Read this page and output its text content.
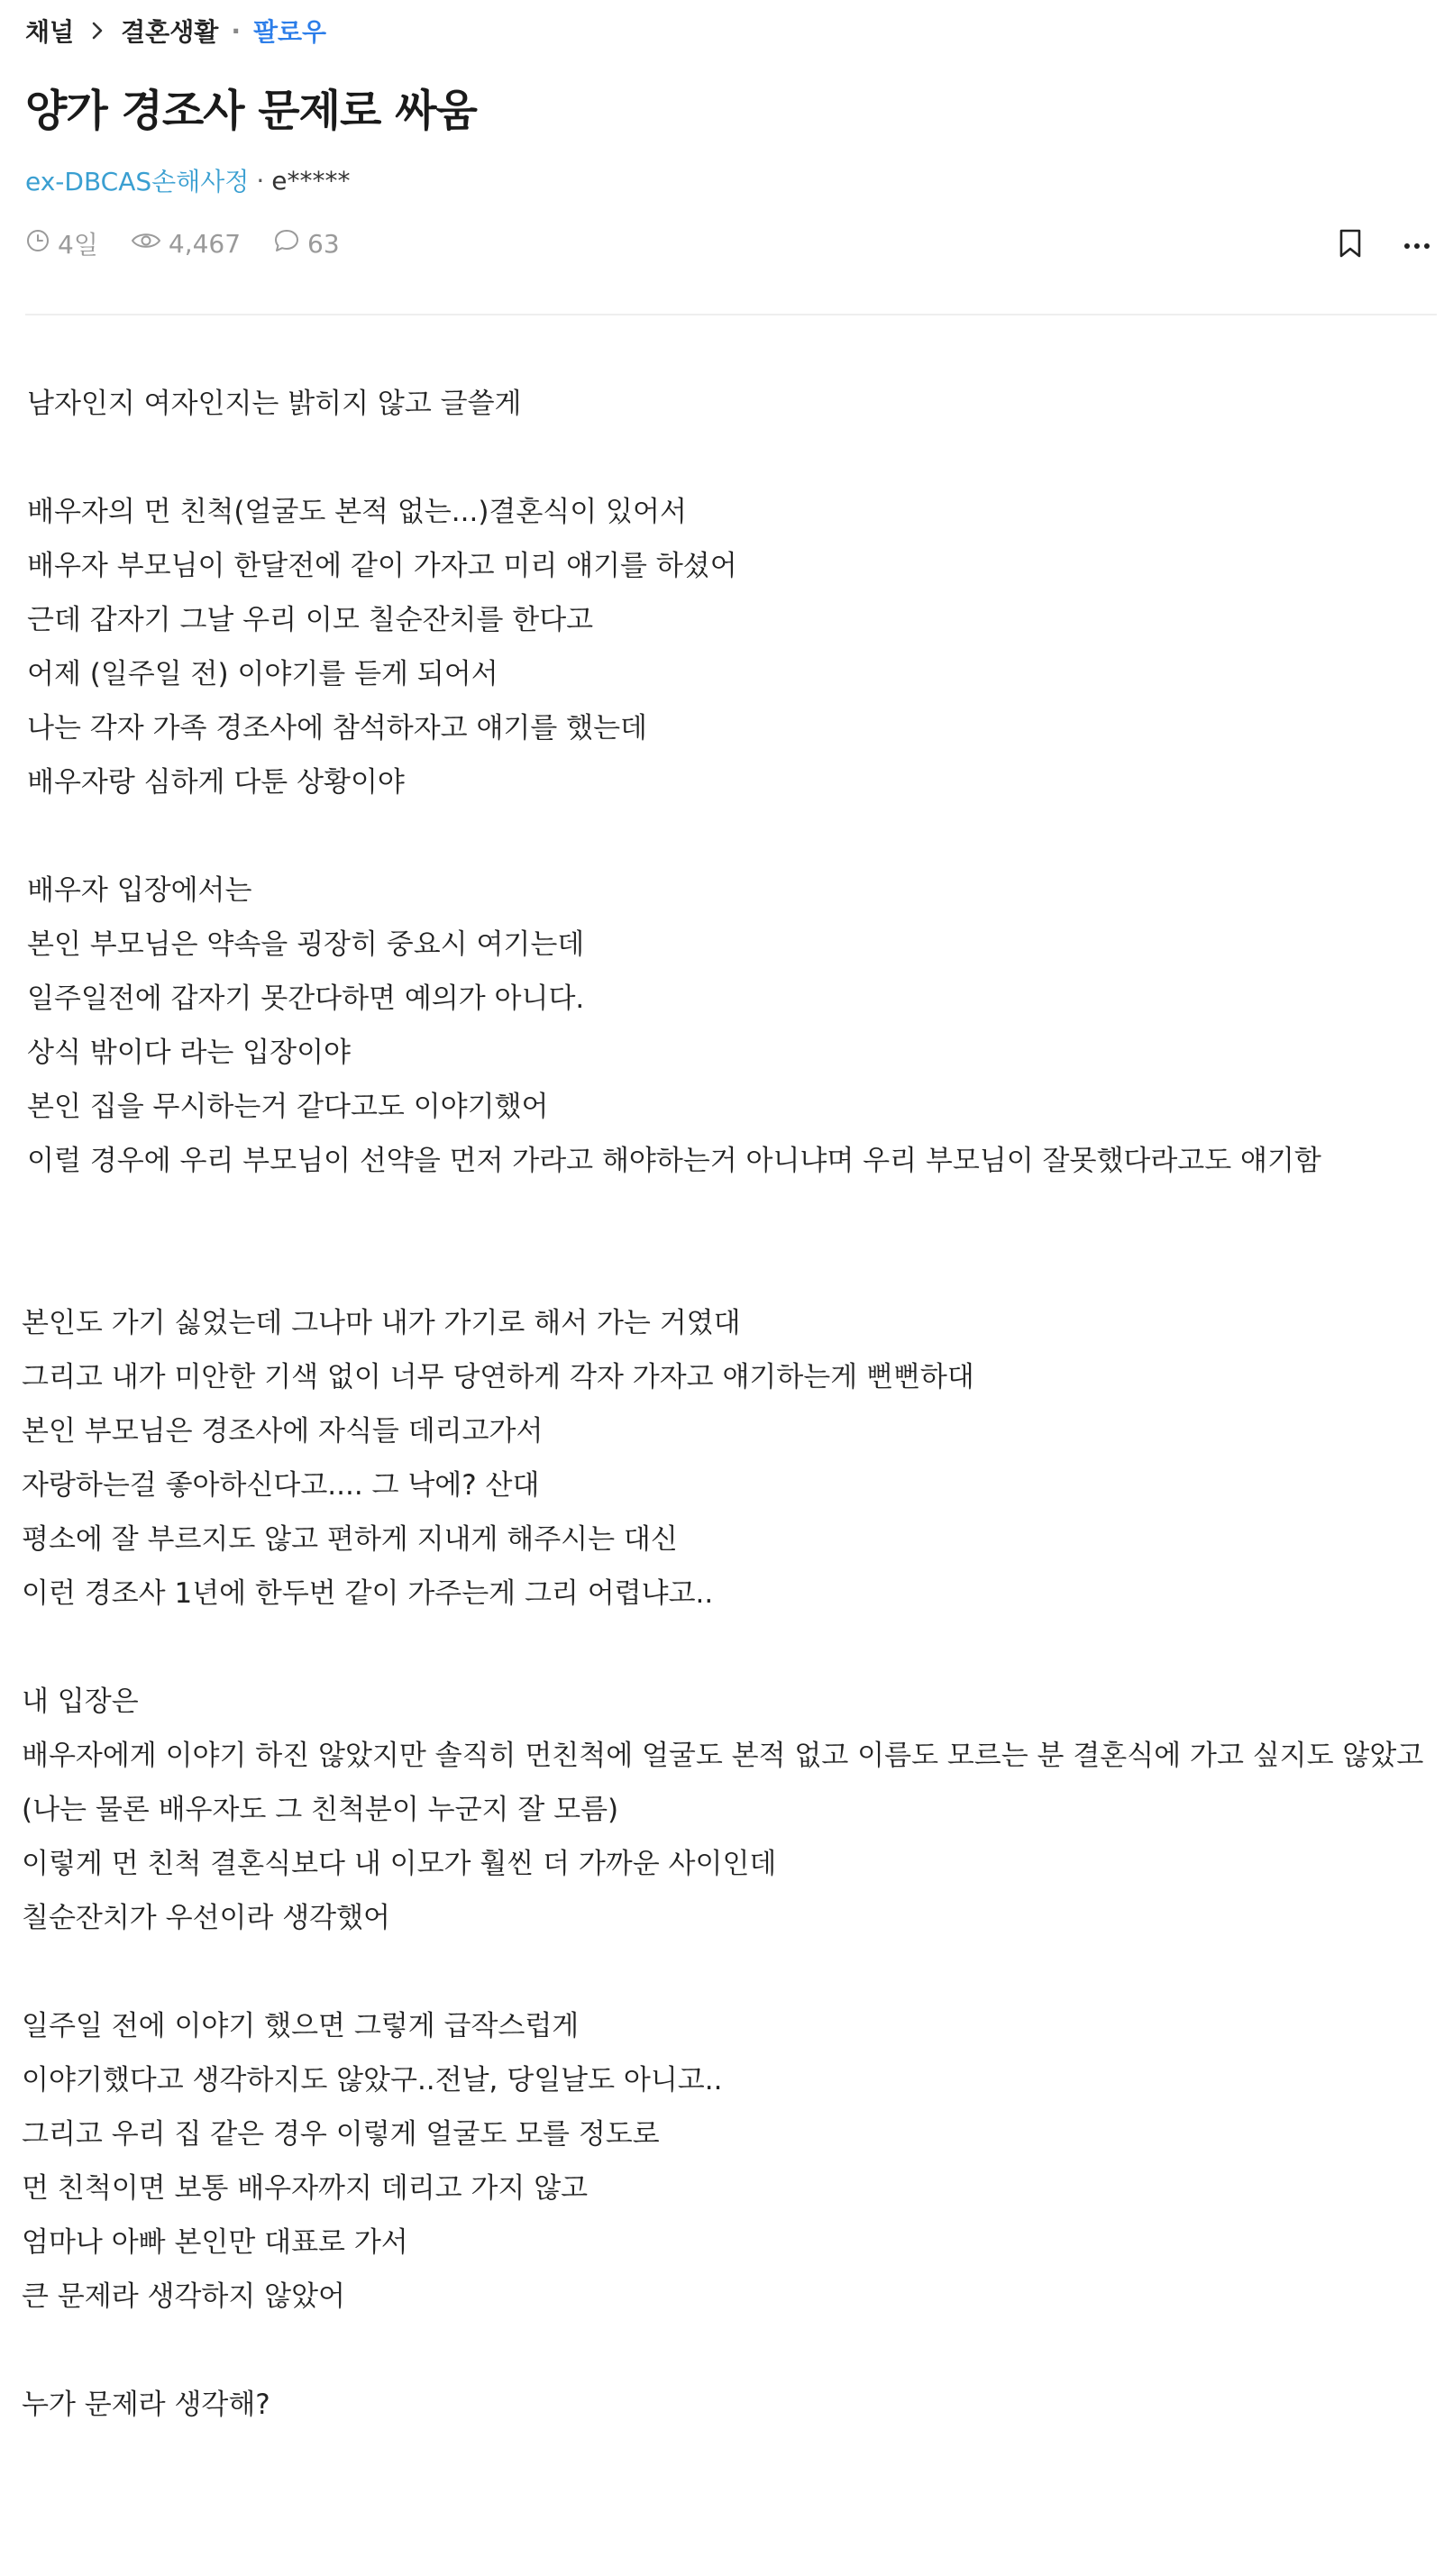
채널 결혼생활 · 팔로우
양가 경조사 문제로 싸움
ex-DBCAS손해사정 · e*****
4일	4,467	63
남자인지 여자인지는 밝히지 않고 글쓸게
배우자의 먼 친척(얼굴도 본적 없는...)결혼식이 있어서
배우자 부모님이 한달전에 같이 가자고 미리 얘기를 하셨어
근데 갑자기 그날 우리 이모 칠순잔치를 한다고
어제 (일주일 전) 이야기를 듣게 되어서
나는 각자 가족 경조사에 참석하자고 얘기를 했는데
배우자랑 심하게 다툰 상황이야
배우자 입장에서는
본인 부모님은 약속을 굉장히 중요시 여기는데
일주일전에 갑자기 못간다하면 예의가 아니다.
상식 밖이다 라는 입장이야
본인 집을 무시하는거 같다고도 이야기했어
이럴 경우에 우리 부모님이 선약을 먼저 가라고 해야하는거 아니냐며 우리 부모님이 잘못했다라고도 얘기함
본인도 가기 싫었는데 그나마 내가 가기로 해서 가는 거였대
그리고 내가 미안한 기색 없이 너무 당연하게 각자 가자고 얘기하는게 뻔뻔하대
본인 부모님은 경조사에 자식들 데리고가서
자랑하는걸 좋아하신다고.... 그 낙에? 산대
평소에 잘 부르지도 않고 편하게 지내게 해주시는 대신
이런 경조사 1년에 한두번 같이 가주는게 그리 어렵냐고..
내 입장은
배우자에게 이야기 하진 않았지만 솔직히 먼친척에 얼굴도 본적 없고 이름도 모르는 분 결혼식에 가고 싶지도 않았고
(나는 물론 배우자도 그 친척분이 누군지 잘 모름)
이렇게 먼 친척 결혼식보다 내 이모가 훨씬 더 가까운 사이인데
칠순잔치가 우선이라 생각했어
일주일 전에 이야기 했으면 그렇게 급작스럽게
이야기했다고 생각하지도 않았구..전날, 당일날도 아니고..
그리고 우리 집 같은 경우 이렇게 얼굴도 모를 정도로
먼 친척이면 보통 배우자까지 데리고 가지 않고
엄마나 아빠 본인만 대표로 가서
큰 문제라 생각하지 않았어
누가 문제라 생각해?
